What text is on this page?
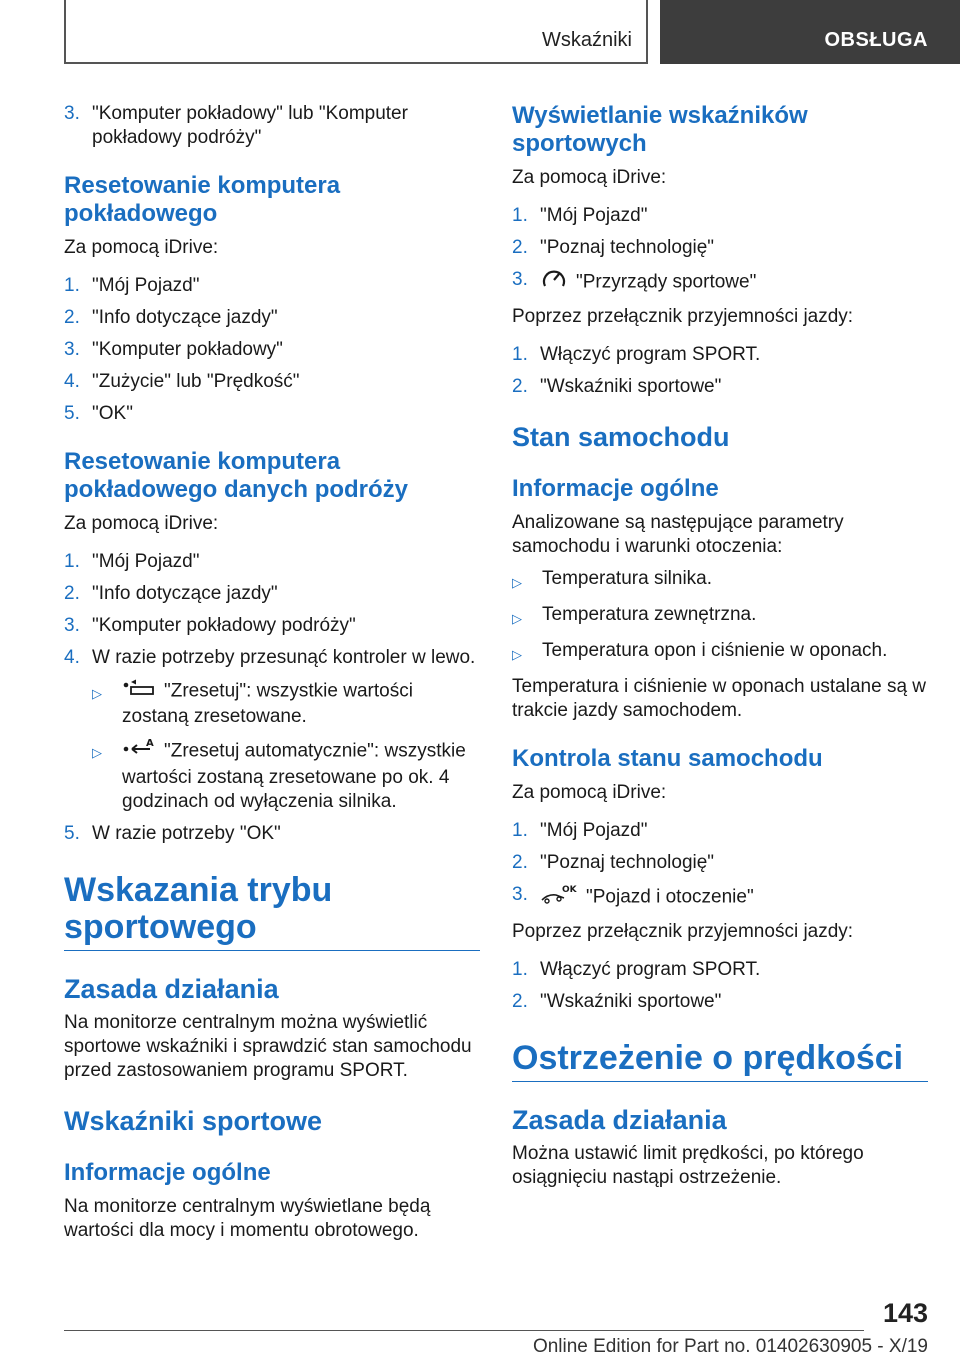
Wskaźniki	OBSŁUGA
3. "Komputer pokładowy" lub "Komputer pokładowy podróży"
Resetowanie komputera pokładowego
Za pomocą iDrive:
1. "Mój Pojazd"
2. "Info dotyczące jazdy"
3. "Komputer pokładowy"
4. "Zużycie" lub "Prędkość"
5. "OK"
Resetowanie komputera pokładowego danych podróży
Za pomocą iDrive:
1. "Mój Pojazd"
2. "Info dotyczące jazdy"
3. "Komputer pokładowy podróży"
4. W razie potrzeby przesunąć kontroler w lewo.
▷	"Zresetuj": wszystkie wartości zostaną zresetowane.
▷
A "Zresetuj automatycznie": wszystkie wartości zostaną zresetowane po ok. 4 godzinach od wyłączenia silnika.
5. W razie potrzeby "OK"
Wskazania trybu sportowego
Zasada działania
Na monitorze centralnym można wyświetlić sportowe wskaźniki i sprawdzić stan samochodu przed zastosowaniem programu SPORT.
Wskaźniki sportowe
Informacje ogólne
Na monitorze centralnym wyświetlane będą wartości dla mocy i momentu obrotowego.
Wyświetlanie wskaźników sportowych
Za pomocą iDrive:
1. "Mój Pojazd"
2. "Poznaj technologię"
3.	"Przyrządy sportowe"
Poprzez przełącznik przyjemności jazdy:
1. Włączyć program SPORT.
2. "Wskaźniki sportowe"
Stan samochodu
Informacje ogólne
Analizowane są następujące parametry samochodu i warunki otoczenia:
▷	Temperatura silnika.
▷	Temperatura zewnętrzna.
▷	Temperatura opon i ciśnienie w oponach.
Temperatura i ciśnienie w oponach ustalane są w trakcie jazdy samochodem.
Kontrola stanu samochodu
Za pomocą iDrive:
1. "Mój Pojazd"
2. "Poznaj technologię"
3.	OK "Pojazd i otoczenie"
Poprzez przełącznik przyjemności jazdy:
1. Włączyć program SPORT.
2. "Wskaźniki sportowe"
Ostrzeżenie o prędkości
Zasada działania
Można ustawić limit prędkości, po którego osiągnięciu nastąpi ostrzeżenie.
143
Online Edition for Part no. 01402630905 - X/19
